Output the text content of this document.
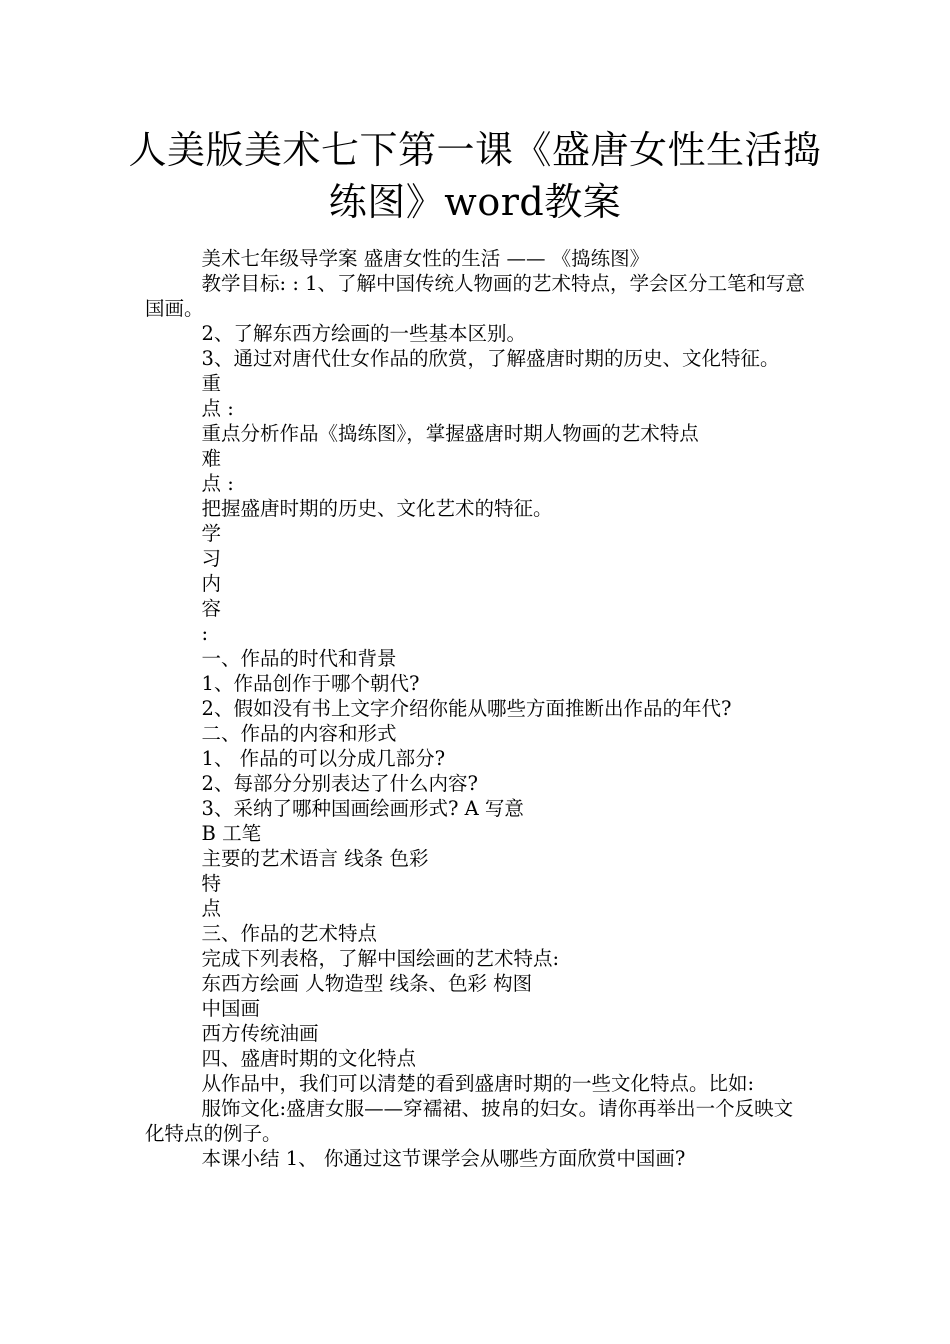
人美版美术七下第一课《盛唐女性生活捣
练图》word教案

美术七年级导学案 盛唐女性的生活 —— 《捣练图》

教学目标: : 1、了解中国传统人物画的艺术特点，学会区分工笔和写意国画。

2、了解东西方绘画的一些基本区别。

3、通过对唐代仕女作品的欣赏，了解盛唐时期的历史、文化特征。

重

点 :

重点分析作品《捣练图》，掌握盛唐时期人物画的艺术特点

难

点 :

把握盛唐时期的历史、文化艺术的特征。

学

习

内

容

:

一、作品的时代和背景

1、作品创作于哪个朝代?

2、假如没有书上文字介绍你能从哪些方面推断出作品的年代?

二、作品的内容和形式

1、 作品的可以分成几部分?

2、每部分分别表达了什么内容?

3、采纳了哪种国画绘画形式? A 写意

B 工笔

主要的艺术语言 线条 色彩

特

点

三、作品的艺术特点

完成下列表格，了解中国绘画的艺术特点:

东西方绘画 人物造型 线条、色彩 构图

中国画

西方传统油画

四、盛唐时期的文化特点

从作品中，我们可以清楚的看到盛唐时期的一些文化特点。比如:

服饰文化:盛唐女服——穿襦裙、披帛的妇女。请你再举出一个反映文化特点的例子。

本课小结 1、 你通过这节课学会从哪些方面欣赏中国画?
